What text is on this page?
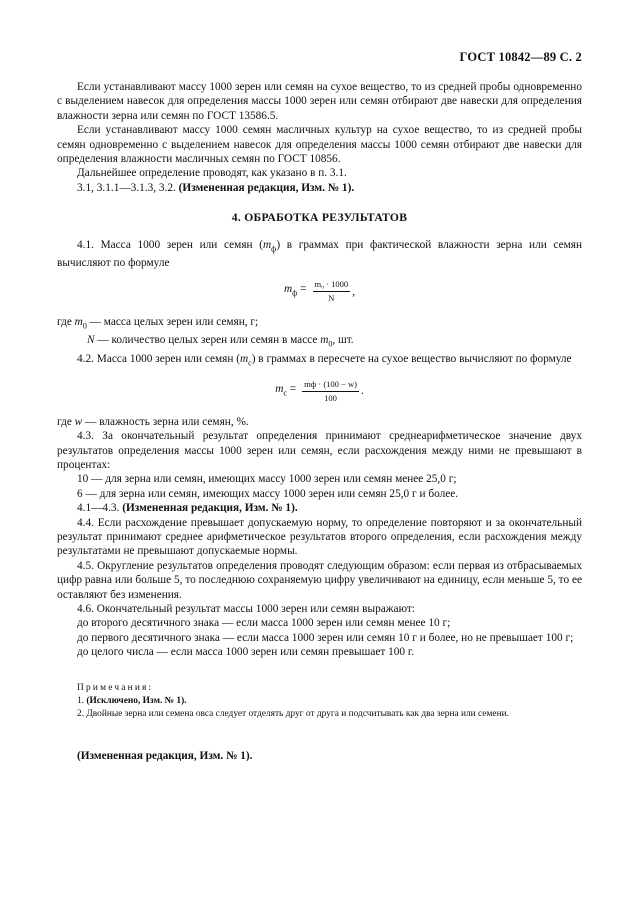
ГОСТ 10842—89 С. 2

Если устанавливают массу 1000 зерен или семян на сухое вещество, то из средней пробы одновременно с выделением навесок для определения массы 1000 зерен или семян отбирают две навески для определения влажности зерна или семян по ГОСТ 13586.5.

Если устанавливают массу 1000 семян масличных культур на сухое вещество, то из средней пробы семян одновременно с выделением навесок для определения массы 1000 семян отбирают две навески для определения влажности масличных семян по ГОСТ 10856.

Дальнейшее определение проводят, как указано в п. 3.1.

3.1, 3.1.1—3.1.3, 3.2. (Измененная редакция, Изм. № 1).

4. ОБРАБОТКА РЕЗУЛЬТАТОВ

4.1. Масса 1000 зерен или семян $(m_ф)$ в граммах при фактической влажности зерна или семян вычисляют по формуле

$m_ф = \frac{\text{m₀ · 1000}}{N}$ ,

где $m_0$ — масса целых зерен или семян, г;

N — количество целых зерен или семян в массе $m_0$, шт.

4.2. Масса 1000 зерен или семян $(m_c)$ в граммах в пересчете на сухое вещество вычисляют по формуле

$m_c = \frac{mф \cdot (100 - w)}{100}$ .

где w — влажность зерна или семян, %.

4.3. За окончательный результат определения принимают среднеарифметическое значение двух результатов определения массы 1000 зерен или семян, если расхождения между ними не превышают в процентах:

10 — для зерна или семян, имеющих массу 1000 зерен или семян менее 25,0 г;

6 — для зерна или семян, имеющих массу 1000 зерен или семян 25,0 г и более.

4.1—4.3. (Измененная редакция, Изм. № 1).

4.4. Если расхождение превышает допускаемую норму, то определение повторяют и за окончательный результат принимают среднее арифметическое результатов второго определения, если расхождения между результатами не превышают допускаемые нормы.

4.5. Округление результатов определения проводят следующим образом: если первая из отбрасываемых цифр равна или больше 5, то последнюю сохраняемую цифру увеличивают на единицу, если меньше 5, то ее оставляют без изменения.

4.6. Окончательный результат массы 1000 зерен или семян выражают:

до второго десятичного знака — если масса 1000 зерен или семян менее 10 г;

до первого десятичного знака — если масса 1000 зерен или семян 10 г и более, но не превышает 100 г;

до целого числа — если масса 1000 зерен или семян превышает 100 г.

Примечания:

1. (Исключено, Изм. № 1).

2. Двойные зерна или семена овса следует отделять друг от друга и подсчитывать как два зерна или семени.

(Измененная редакция, Изм. № 1).
